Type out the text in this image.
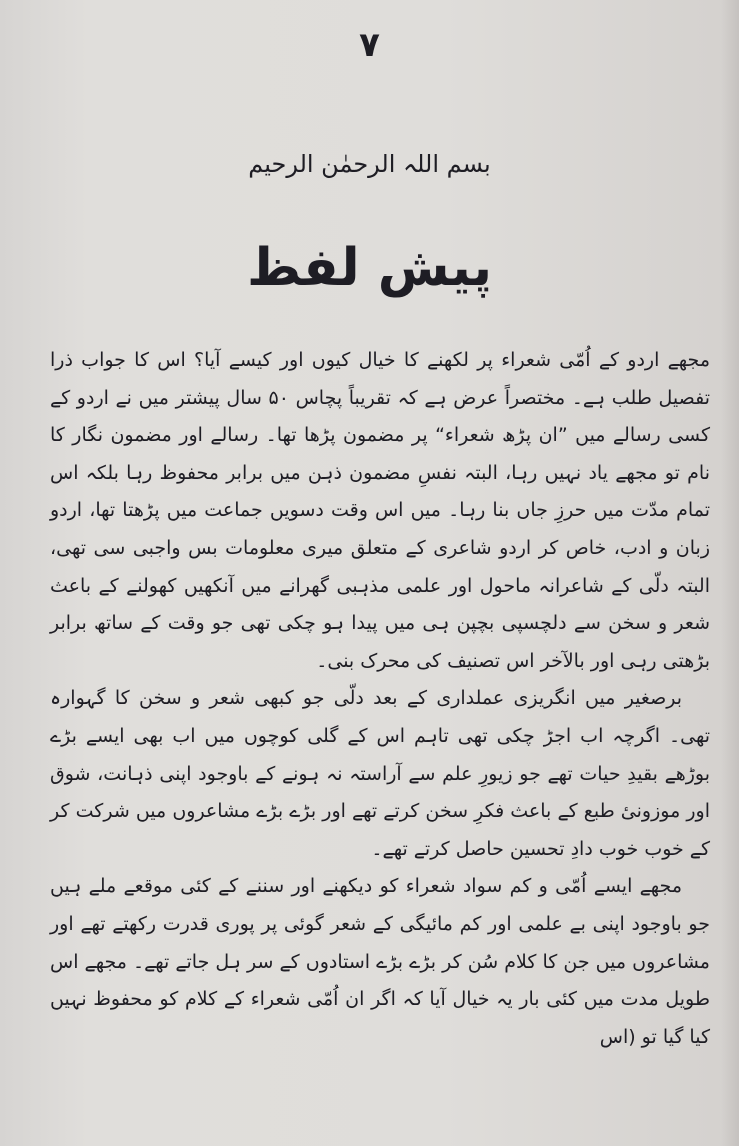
۷
بسم اللہ الرحمٰن الرحیم
پیش لفظ

مجھے اردو کے اُمّی شعراء پر لکھنے کا خیال کیوں اور کیسے آیا؟ اس کا جواب ذرا تفصیل طلب ہے۔ مختصراً عرض ہے کہ تقریباً پچاس ۵۰ سال پیشتر میں نے اردو کے کسی رسالے میں ”ان پڑھ شعراء“ پر مضمون پڑھا تھا۔ رسالے اور مضمون نگار کا نام تو مجھے یاد نہیں رہا، البتہ نفسِ مضمون ذہن میں برابر محفوظ رہا بلکہ اس تمام مدّت میں حرزِ جاں بنا رہا۔ میں اس وقت دسویں جماعت میں پڑھتا تھا، اردو زبان و ادب، خاص کر اردو شاعری کے متعلق میری معلومات بس واجبی سی تھی، البتہ دلّی کے شاعرانہ ماحول اور علمی مذہبی گھرانے میں آنکھیں کھولنے کے باعث شعر و سخن سے دلچسپی بچپن ہی میں پیدا ہو چکی تھی جو وقت کے ساتھ برابر بڑھتی رہی اور بالآخر اس تصنیف کی محرک بنی۔

برصغیر میں انگریزی عملداری کے بعد دلّی جو کبھی شعر و سخن کا گہوارہ تھی۔ اگرچہ اب اجڑ چکی تھی تاہم اس کے گلی کوچوں میں اب بھی ایسے بڑے بوڑھے بقیدِ حیات تھے جو زیورِ علم سے آراستہ نہ ہونے کے باوجود اپنی ذہانت، شوق اور موزونیٔ طبع کے باعث فکرِ سخن کرتے تھے اور بڑے بڑے مشاعروں میں شرکت کر کے خوب خوب دادِ تحسین حاصل کرتے تھے۔

مجھے ایسے اُمّی و کم سواد شعراء کو دیکھنے اور سننے کے کئی موقعے ملے ہیں جو باوجود اپنی بے علمی اور کم مائیگی کے شعر گوئی پر پوری قدرت رکھتے تھے اور مشاعروں میں جن کا کلام سُن کر بڑے بڑے استادوں کے سر ہل جاتے تھے۔ مجھے اس طویل مدت میں کئی بار یہ خیال آیا کہ اگر ان اُمّی شعراء کے کلام کو محفوظ نہیں کیا گیا تو (اس
